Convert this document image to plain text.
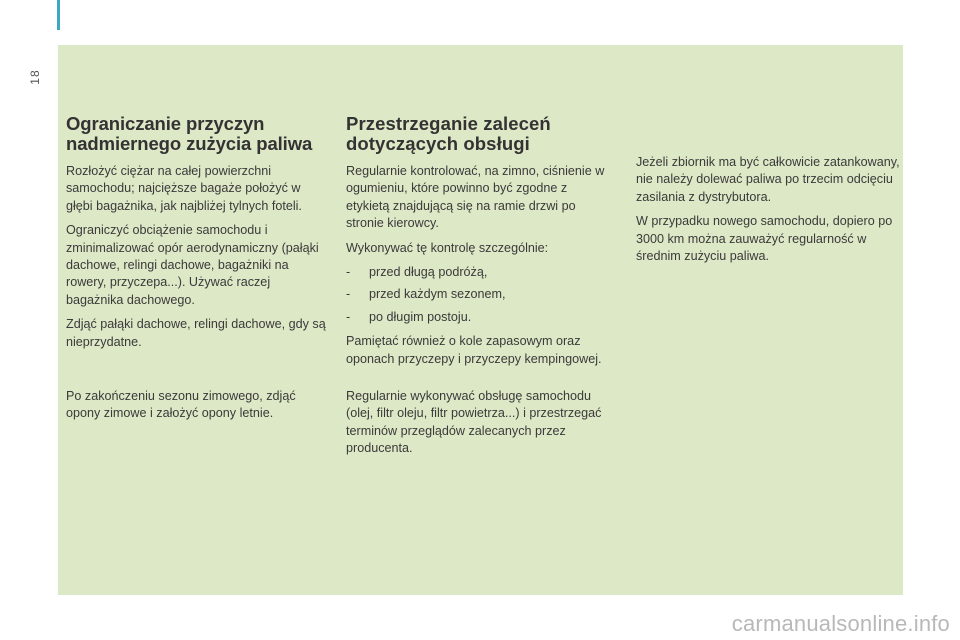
18
Ograniczanie przyczyn
nadmiernego zużycia paliwa

Rozłożyć ciężar na całej powierzchni samochodu; najcięższe bagaże położyć w głębi bagażnika, jak najbliżej tylnych foteli.

Ograniczyć obciążenie samochodu i zminimalizować opór aerodynamiczny (pałąki dachowe, relingi dachowe, bagażniki na rowery, przyczepa...). Używać raczej bagażnika dachowego.

Zdjąć pałąki dachowe, relingi dachowe, gdy są nieprzydatne.

Po zakończeniu sezonu zimowego, zdjąć opony zimowe i założyć opony letnie.

Przestrzeganie zaleceń
dotyczących obsługi

Regularnie kontrolować, na zimno, ciśnienie w ogumieniu, które powinno być zgodne z etykietą znajdującą się na ramie drzwi po stronie kierowcy.

Wykonywać tę kontrolę szczególnie:

-	przed długą podróżą,
-	przed każdym sezonem,
-	po długim postoju.

Pamiętać również o kole zapasowym oraz oponach przyczepy i przyczepy kempingowej.

Regularnie wykonywać obsługę samochodu (olej, filtr oleju, filtr powietrza...) i przestrzegać terminów przeglądów zalecanych przez producenta.

Jeżeli zbiornik ma być całkowicie zatankowany, nie należy dolewać paliwa po trzecim odcięciu zasilania z dystrybutora.

W przypadku nowego samochodu, dopiero po 3000 km można zauważyć regularność w średnim zużyciu paliwa.

carmanualsonline.info
